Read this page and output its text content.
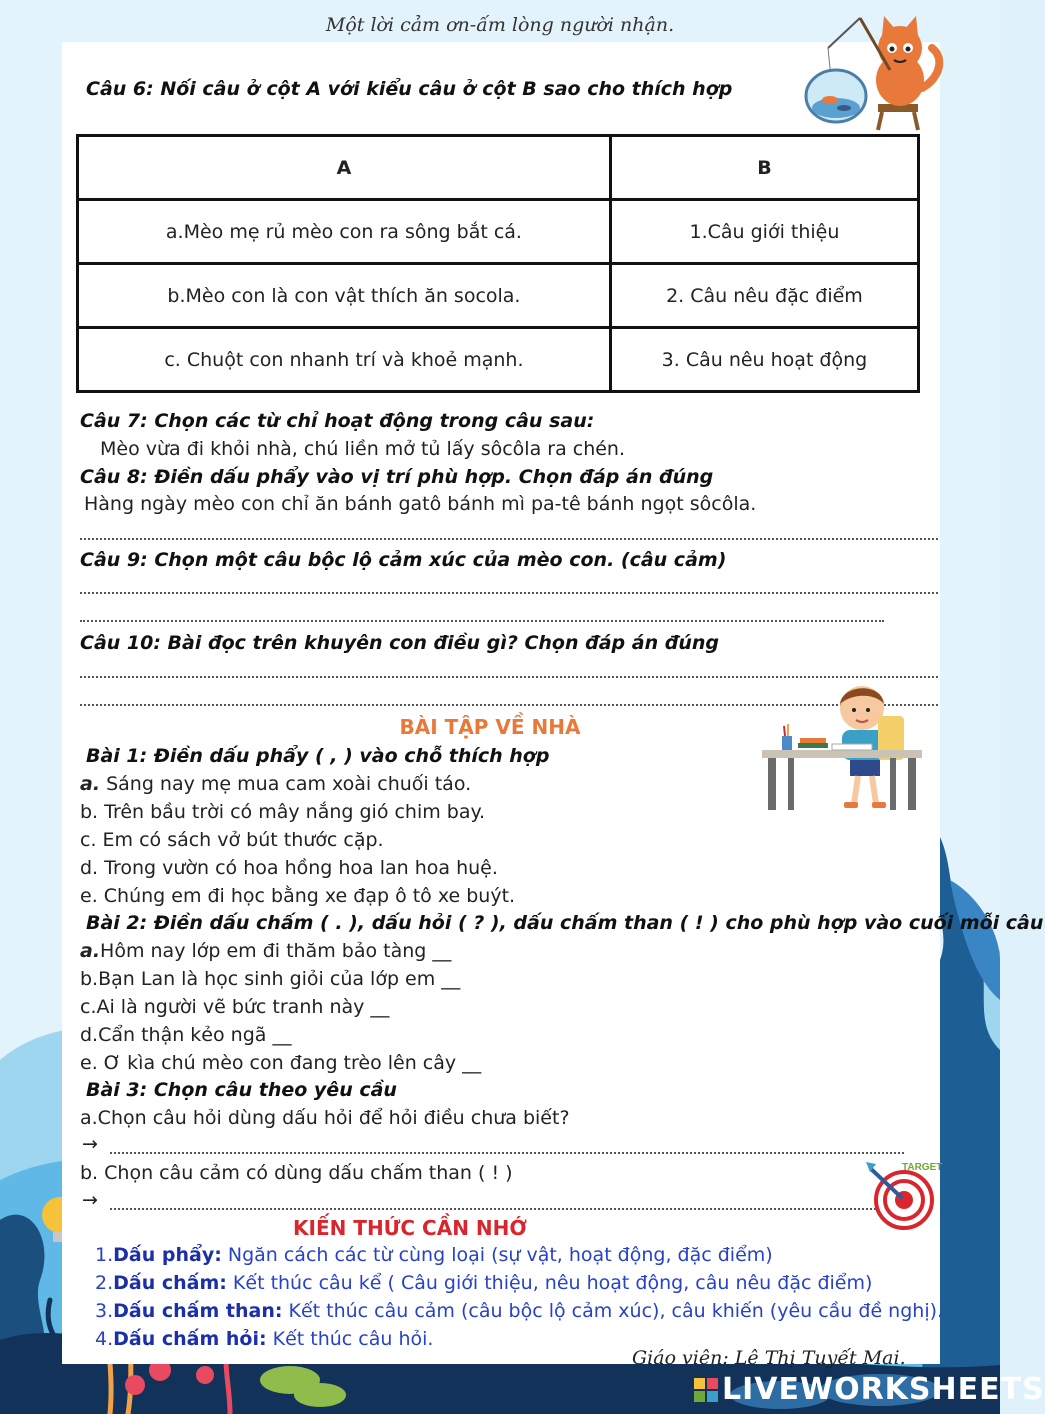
Một lời cảm ơn-ấm lòng người nhận.
Câu 6: Nối câu ở cột A với kiểu câu ở cột B sao cho thích hợp
A	B
a.Mèo mẹ rủ mèo con ra sông bắt cá.	1.Câu giới thiệu
b.Mèo con là con vật thích ăn socola.	2. Câu nêu đặc điểm
c. Chuột con nhanh trí và khoẻ mạnh.	3. Câu nêu hoạt động
Câu 7: Chọn các từ chỉ hoạt động trong câu sau:
Mèo vừa đi khỏi nhà, chú liền mở tủ lấy sôcôla ra chén.
Câu 8: Điền dấu phẩy vào vị trí phù hợp. Chọn đáp án đúng
Hàng ngày mèo con chỉ ăn bánh gatô bánh mì pa-tê bánh ngọt sôcôla.
Câu 9: Chọn một câu bộc lộ cảm xúc của mèo con. (câu cảm)
Câu 10: Bài đọc trên khuyên con điều gì? Chọn đáp án đúng
BÀI TẬP VỀ NHÀ
Bài 1: Điền dấu phẩy ( , ) vào chỗ thích hợp
a. Sáng nay mẹ mua cam xoài chuối táo.
b. Trên bầu trời có mây nắng gió chim bay.
c. Em có sách vở bút thước cặp.
d. Trong vườn có hoa hồng hoa lan hoa huệ.
e. Chúng em đi học bằng xe đạp ô tô xe buýt.
Bài 2: Điền dấu chấm ( . ), dấu hỏi ( ? ), dấu chấm than ( ! ) cho phù hợp vào cuối mỗi câu
a.Hôm nay lớp em đi thăm bảo tàng __
b.Bạn Lan là học sinh giỏi của lớp em __
c.Ai là người vẽ bức tranh này __
d.Cẩn thận kẻo ngã __
e. Ơ kìa chú mèo con đang trèo lên cây __
Bài 3: Chọn câu theo yêu cầu
a.Chọn câu hỏi dùng dấu hỏi để hỏi điều chưa biết?
→
b. Chọn câu cảm có dùng dấu chấm than ( ! )
→
TARGET
KIẾN THỨC CẦN NHỚ
1.Dấu phẩy: Ngăn cách các từ cùng loại (sự vật, hoạt động, đặc điểm)
2.Dấu chấm: Kết thúc câu kể ( Câu giới thiệu, nêu hoạt động, câu nêu đặc điểm)
3.Dấu chấm than: Kết thúc câu cảm (câu bộc lộ cảm xúc), câu khiến (yêu cầu đề nghị).
4.Dấu chấm hỏi: Kết thúc câu hỏi.
Giáo viên: Lê Thị Tuyết Mai.
LIVEWORKSHEETS
